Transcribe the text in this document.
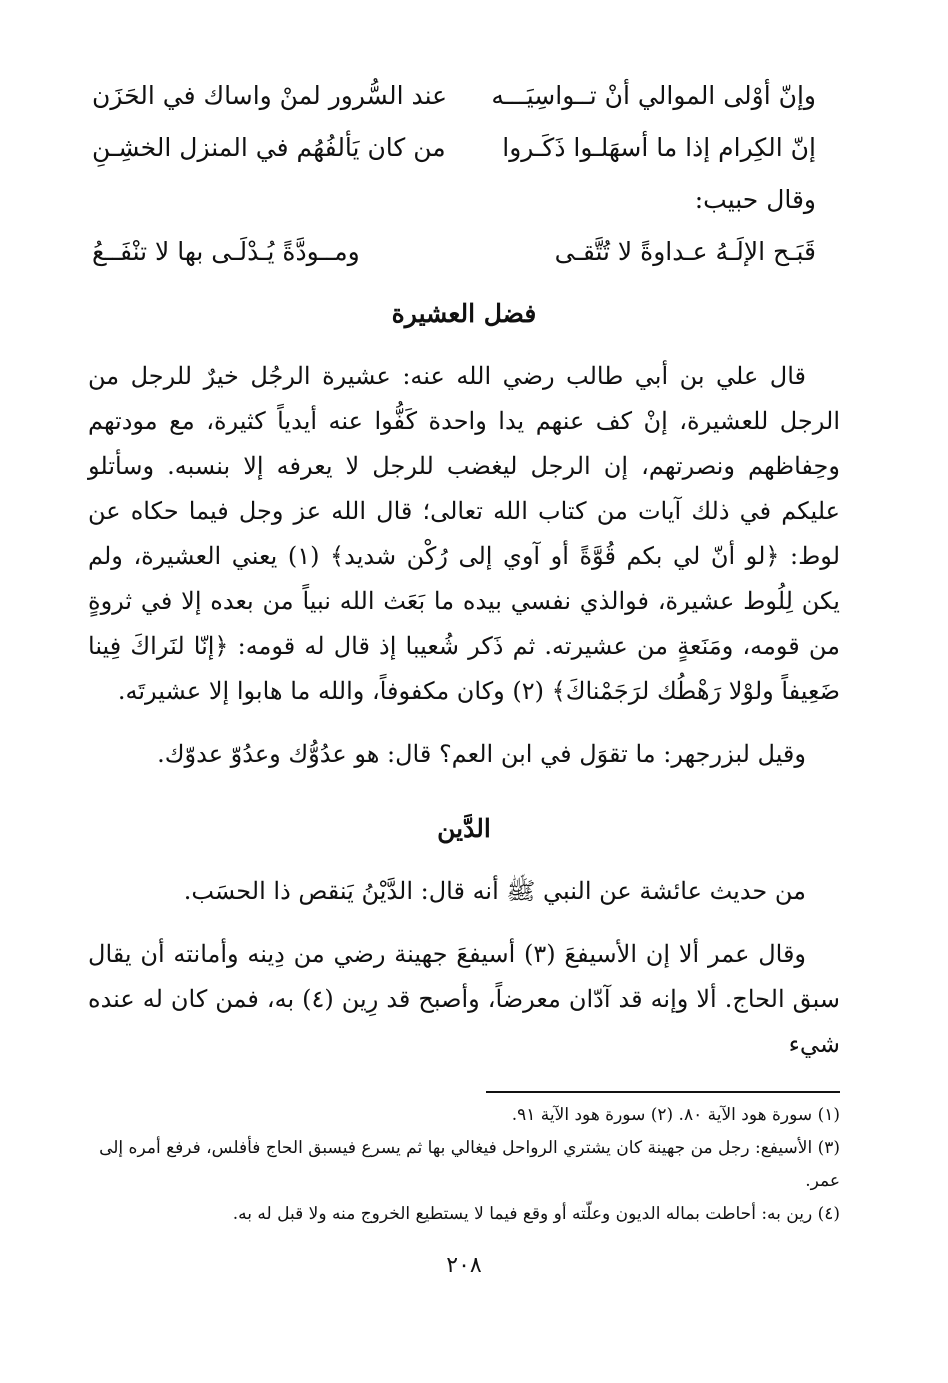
وإنّ أوْلى الموالي أنْ تــواسِيَـــه
عند السُّرور لمنْ واساك في الحَزَن
إنّ الكِرام إذا ما أسهَلـوا ذَكَـروا
من كان يَألفُهُم في المنزل الخشِـنِ
وقال حبيب:
قَبَـح الإلَـهُ عـداوةً لا تُتَّقـى
ومــودَّةً يُـدْلَـى بها لا تنْفَــعُ
فضل العشيرة

قال علي بن أبي طالب رضي الله عنه: عشيرة الرجُل خيرٌ للرجل من الرجل للعشيرة، إنْ كف عنهم يدا واحدة كَفُّوا عنه أيدياً كثيرة، مع مودتهم وحِفاظهم ونصرتهم، إن الرجل ليغضب للرجل لا يعرفه إلا بنسبه. وسأتلو عليكم في ذلك آيات من كتاب الله تعالى؛ قال الله عز وجل فيما حكاه عن لوط: ﴿لو أنّ لي بكم قُوَّةً أو آوي إلى رُكْن شديد﴾ (١) يعني العشيرة، ولم يكن لِلُوط عشيرة، فوالذي نفسي بيده ما بَعَث الله نبياً من بعده إلا في ثروةٍ من قومه، ومَنَعةٍ من عشيرته. ثم ذَكر شُعيبا إذ قال له قومه: ﴿إنّا لنَراكَ فِينا ضَعِيفاً ولوْلا رَهْطُك لرَجَمْناكَ﴾ (٢) وكان مكفوفاً، والله ما هابوا إلا عشيرتَه.

وقيل لبزرجهر: ما تقوَل في ابن العم؟ قال: هو عدُوُّك وعدُوّ عدوّك.

الدَّين

من حديث عائشة عن النبي ﷺ أنه قال: الدَّيْنُ يَنقص ذا الحسَب.

وقال عمر ألا إن الأسيفعَ (٣) أسيفعَ جهينة رضي من دِينه وأمانته أن يقال سبق الحاج. ألا وإنه قد آدّان معرضاً، وأصبح قد رِين (٤) به، فمن كان له عنده شيء

(١) سورة هود الآية ٨٠. (٢) سورة هود الآية ٩١.
(٣) الأسيفع: رجل من جهينة كان يشتري الرواحل فيغالي بها ثم يسرع فيسبق الحاج فأفلس، فرفع أمره إلى عمر.
(٤) رين به: أحاطت بماله الديون وعلّته أو وقع فيما لا يستطيع الخروج منه ولا قبل له به.
٢٠٨
